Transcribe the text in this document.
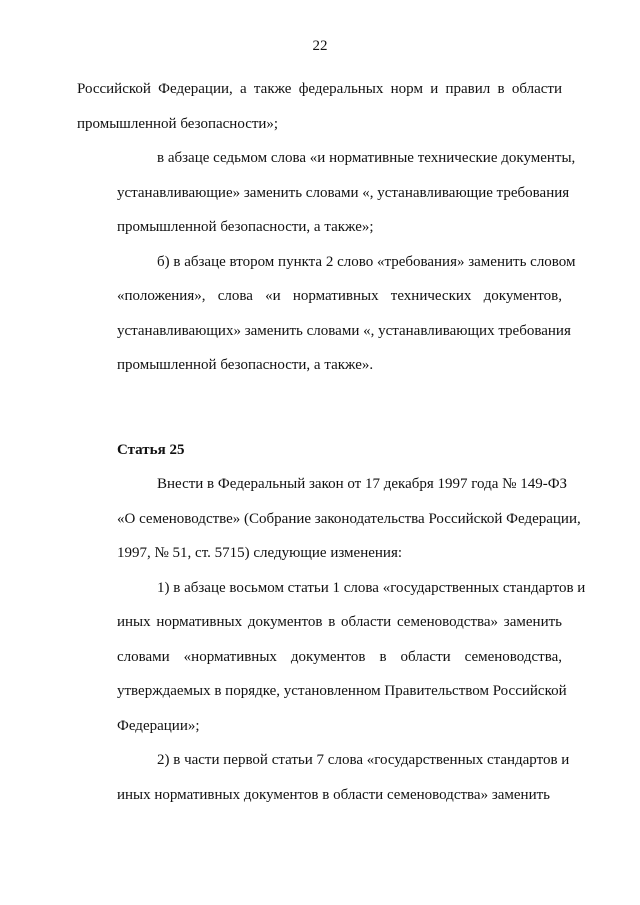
22

Российской Федерации, а также федеральных норм и правил в области
промышленной безопасности»;

в абзаце седьмом слова «и нормативные технические документы,
устанавливающие» заменить словами «, устанавливающие требования
промышленной безопасности, а также»;

б) в абзаце втором пункта 2 слово «требования» заменить словом
«положения», слова «и нормативных технических документов,
устанавливающих» заменить словами «, устанавливающих требования
промышленной безопасности, а также».

Статья 25

Внести в Федеральный закон от 17 декабря 1997 года № 149-ФЗ
«О семеноводстве» (Собрание законодательства Российской Федерации,
1997, № 51, ст. 5715) следующие изменения:

1) в абзаце восьмом статьи 1 слова «государственных стандартов и
иных нормативных документов в области семеноводства» заменить
словами «нормативных документов в области семеноводства,
утверждаемых в порядке, установленном Правительством Российской
Федерации»;

2) в части первой статьи 7 слова «государственных стандартов и
иных нормативных документов в области семеноводства» заменить
